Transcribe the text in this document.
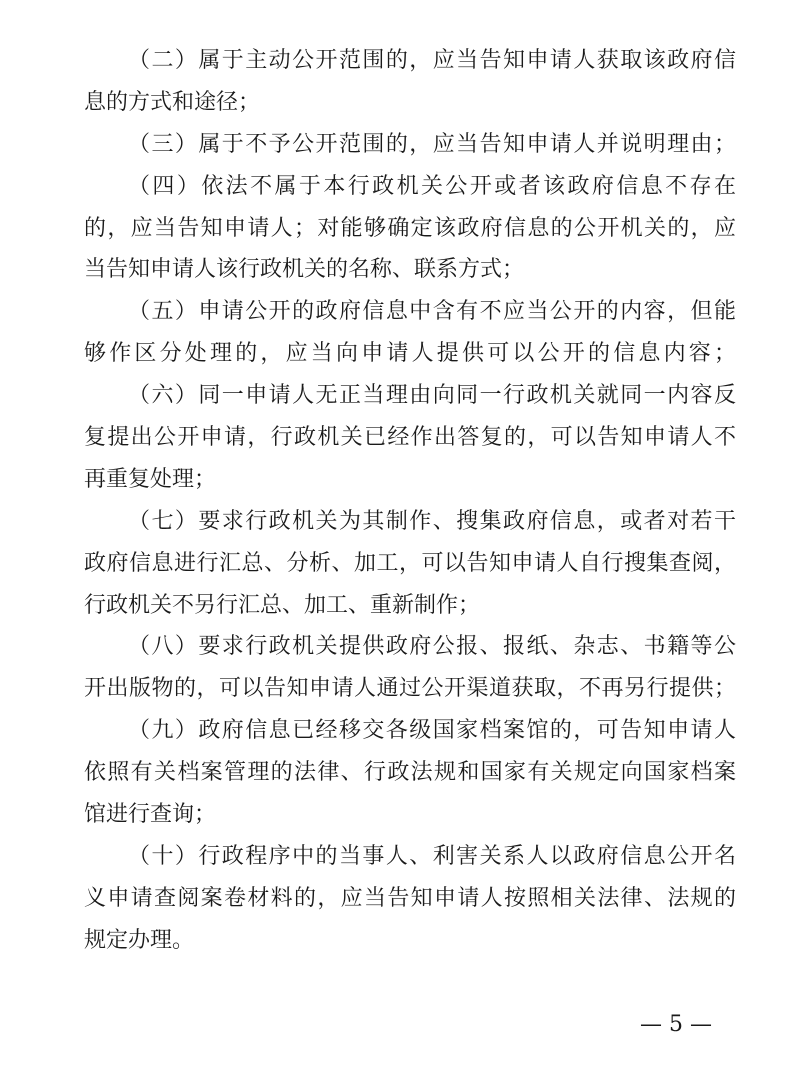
（二）属于主动公开范围的，应当告知申请人获取该政府信
息的方式和途径；
（三）属于不予公开范围的，应当告知申请人并说明理由；
（四）依法不属于本行政机关公开或者该政府信息不存在
的，应当告知申请人；对能够确定该政府信息的公开机关的，应
当告知申请人该行政机关的名称、联系方式；
（五）申请公开的政府信息中含有不应当公开的内容，但能
够作区分处理的，应当向申请人提供可以公开的信息内容；
（六）同一申请人无正当理由向同一行政机关就同一内容反
复提出公开申请，行政机关已经作出答复的，可以告知申请人不
再重复处理；
（七）要求行政机关为其制作、搜集政府信息，或者对若干
政府信息进行汇总、分析、加工，可以告知申请人自行搜集查阅，
行政机关不另行汇总、加工、重新制作；
（八）要求行政机关提供政府公报、报纸、杂志、书籍等公
开出版物的，可以告知申请人通过公开渠道获取，不再另行提供；
（九）政府信息已经移交各级国家档案馆的，可告知申请人
依照有关档案管理的法律、行政法规和国家有关规定向国家档案
馆进行查询；
（十）行政程序中的当事人、利害关系人以政府信息公开名
义申请查阅案卷材料的，应当告知申请人按照相关法律、法规的
规定办理。
— 5 —
